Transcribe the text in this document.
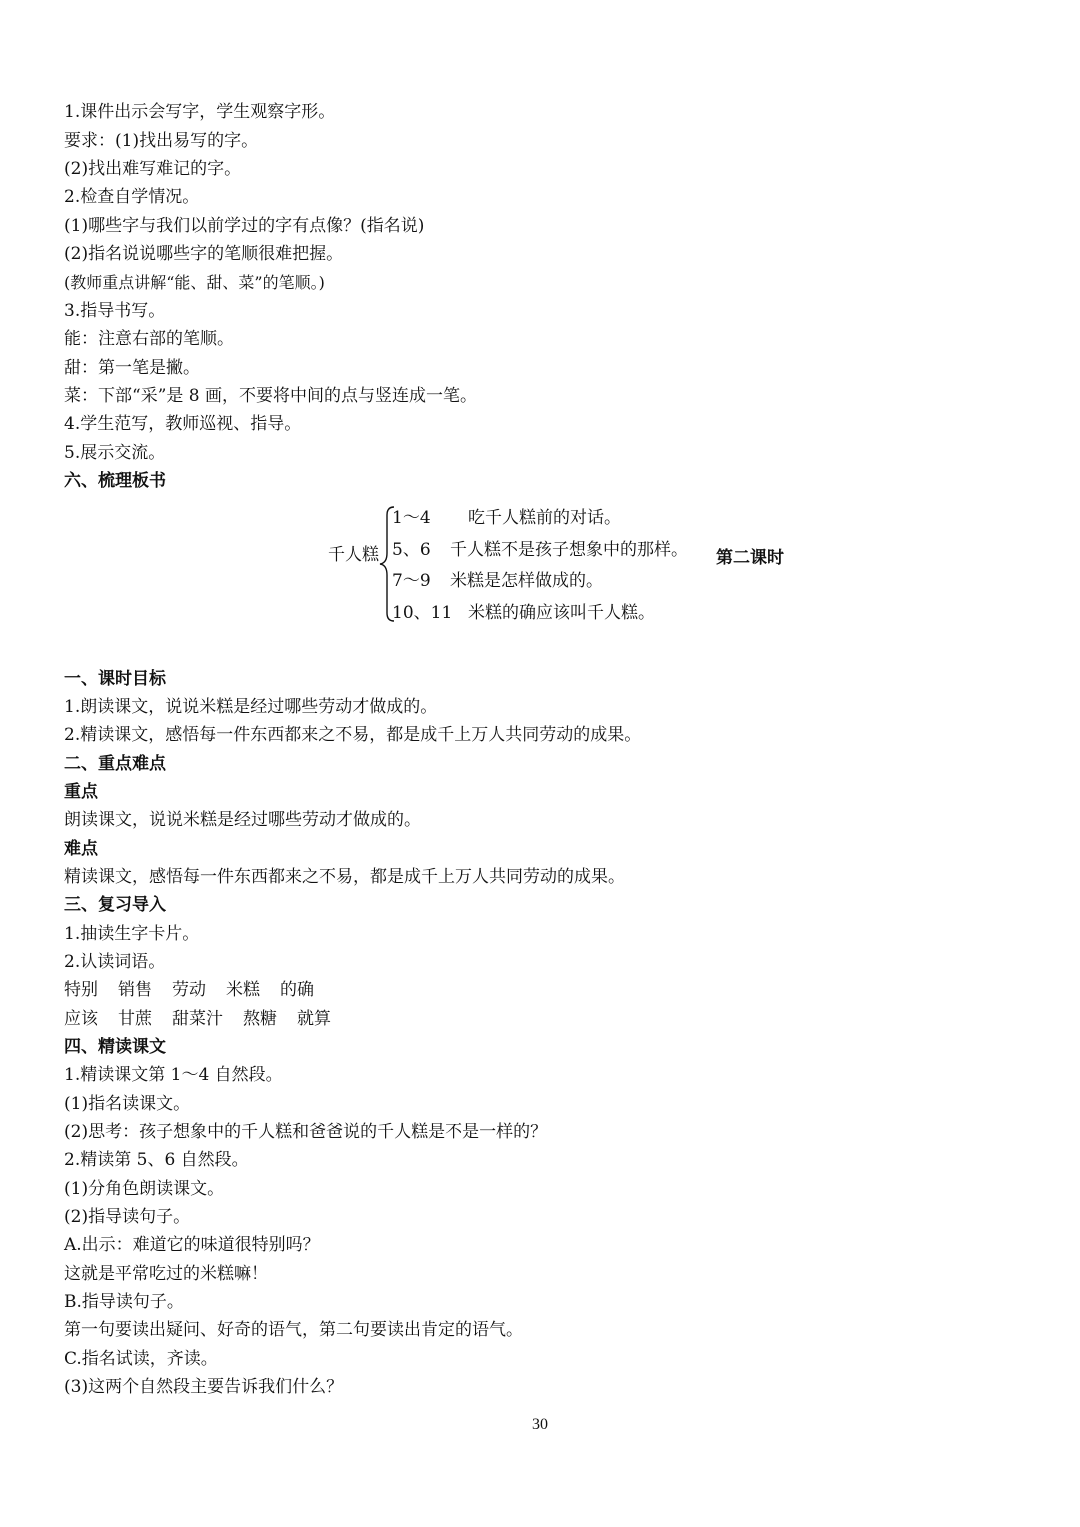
1.课件出示会写字，学生观察字形。

要求：(1)找出易写的字。

(2)找出难写难记的字。

2.检查自学情况。

(1)哪些字与我们以前学过的字有点像？(指名说)

(2)指名说说哪些字的笔顺很难把握。

(教师重点讲解“能、甜、菜”的笔顺。)

3.指导书写。

能：注意右部的笔顺。

甜：第一笔是撇。

菜：下部“采”是 8 画，不要将中间的点与竖连成一笔。

4.学生范写，教师巡视、指导。

5.展示交流。

六、梳理板书

千人糕
1～4 吃千人糕前的对话。
5、6 千人糕不是孩子想象中的那样。
7～9 米糕是怎样做成的。
10、11 米糕的确应该叫千人糕。
第二课时

一、课时目标

1.朗读课文，说说米糕是经过哪些劳动才做成的。

2.精读课文，感悟每一件东西都来之不易，都是成千上万人共同劳动的成果。

二、重点难点

重点

朗读课文，说说米糕是经过哪些劳动才做成的。

难点

精读课文，感悟每一件东西都来之不易，都是成千上万人共同劳动的成果。

三、复习导入

1.抽读生字卡片。

2.认读词语。

特别 销售 劳动 米糕 的确

应该 甘蔗 甜菜汁 熬糖 就算

四、精读课文

1.精读课文第 1～4 自然段。

(1)指名读课文。

(2)思考：孩子想象中的千人糕和爸爸说的千人糕是不是一样的？

2.精读第 5、6 自然段。

(1)分角色朗读课文。

(2)指导读句子。

A.出示：难道它的味道很特别吗？

这就是平常吃过的米糕嘛！

B.指导读句子。

第一句要读出疑问、好奇的语气，第二句要读出肯定的语气。

C.指名试读，齐读。

(3)这两个自然段主要告诉我们什么？

30
